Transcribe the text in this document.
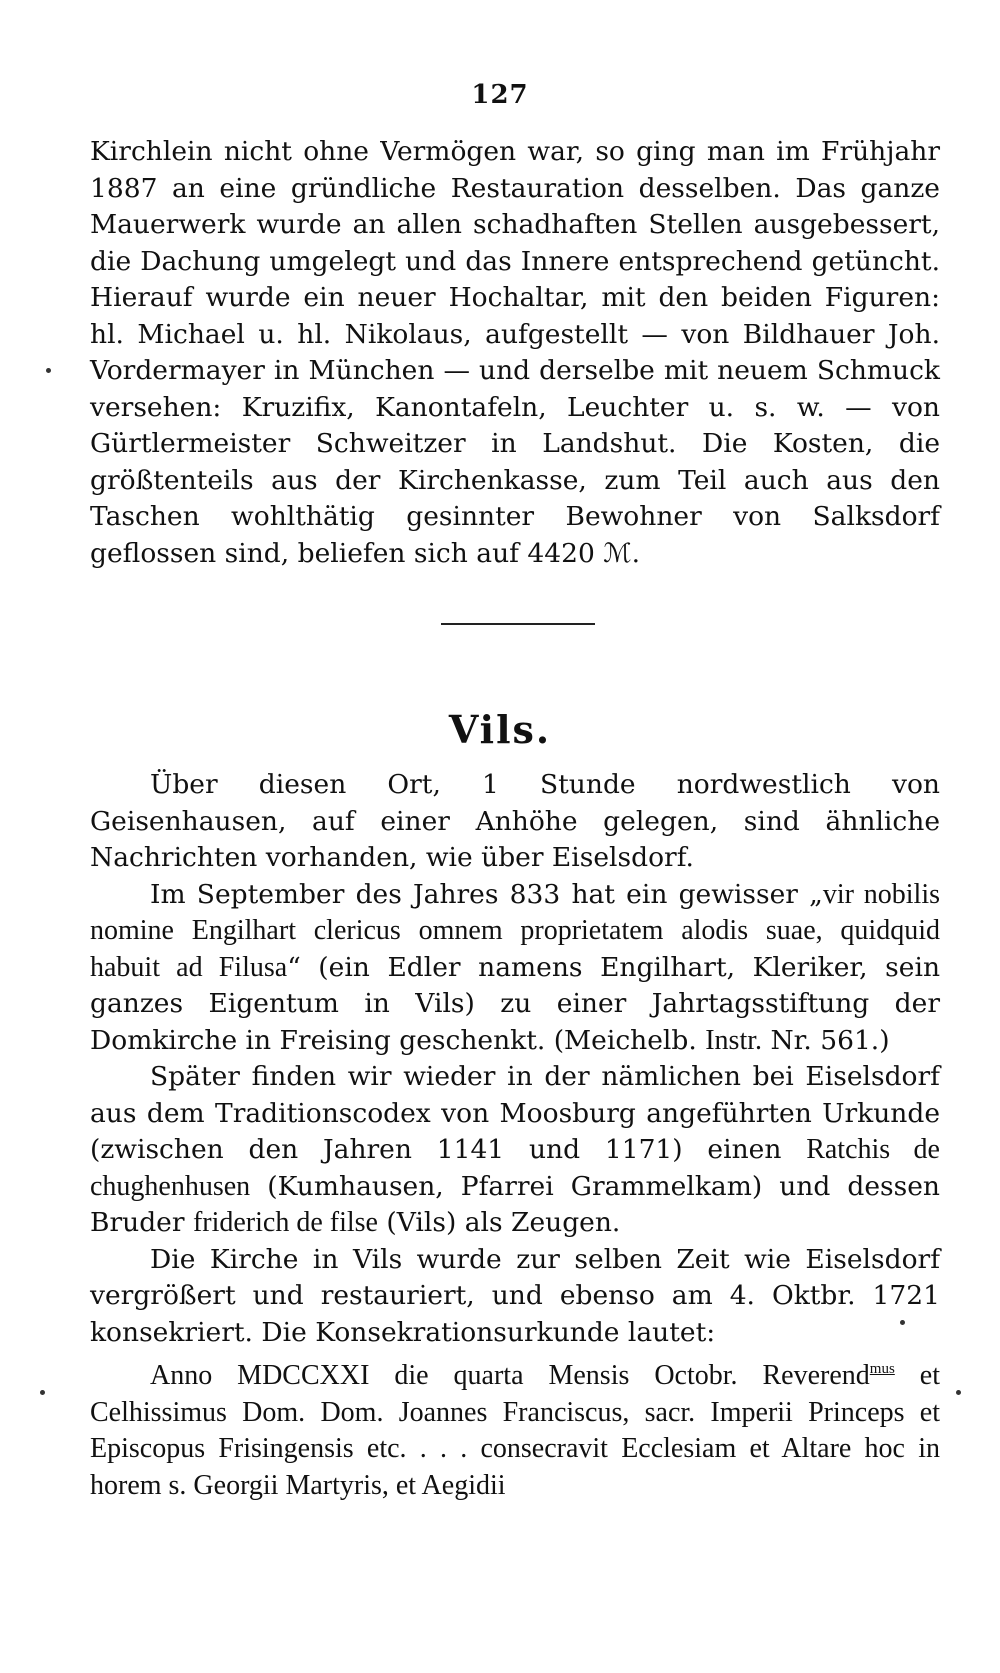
127

Kirchlein nicht ohne Vermögen war, so ging man im Frühjahr 1887 an eine gründliche Restauration desselben. Das ganze Mauerwerk wurde an allen schadhaften Stellen ausgebessert, die Dachung umgelegt und das Innere entsprechend getüncht. Hierauf wurde ein neuer Hochaltar, mit den beiden Figuren: hl. Michael u. hl. Nikolaus, aufgestellt — von Bildhauer Joh. Vordermayer in München — und derselbe mit neuem Schmuck versehen: Kruzifix, Kanontafeln, Leuchter u. s. w. — von Gürtlermeister Schweitzer in Landshut. Die Kosten, die größtenteils aus der Kirchenkasse, zum Teil auch aus den Taschen wohlthätig gesinnter Bewohner von Salksdorf geflossen sind, beliefen sich auf 4420 ℳ.

Vils.

Über diesen Ort, 1 Stunde nordwestlich von Geisenhausen, auf einer Anhöhe gelegen, sind ähnliche Nachrichten vorhanden, wie über Eiselsdorf.

Im September des Jahres 833 hat ein gewisser „vir nobilis nomine Engilhart clericus omnem proprietatem alodis suae, quidquid habuit ad Filusa“ (ein Edler namens Engilhart, Kleriker, sein ganzes Eigentum in Vils) zu einer Jahrtagsstiftung der Domkirche in Freising geschenkt. (Meichelb. Instr. Nr. 561.)

Später finden wir wieder in der nämlichen bei Eiselsdorf aus dem Traditionscodex von Moosburg angeführten Urkunde (zwischen den Jahren 1141 und 1171) einen Ratchis de chughenhusen (Kumhausen, Pfarrei Grammelkam) und dessen Bruder friderich de filse (Vils) als Zeugen.

Die Kirche in Vils wurde zur selben Zeit wie Eiselsdorf vergrößert und restauriert, und ebenso am 4. Oktbr. 1721 konsekriert. Die Konsekrationsurkunde lautet:

Anno MDCCXXI die quarta Mensis Octobr. Reverend$^{mus}$ et Celhissimus Dom. Dom. Joannes Franciscus, sacr. Imperii Princeps et Episcopus Frisingensis etc. . . . consecravit Ecclesiam et Altare hoc in horem s. Georgii Martyris, et Aegidii
